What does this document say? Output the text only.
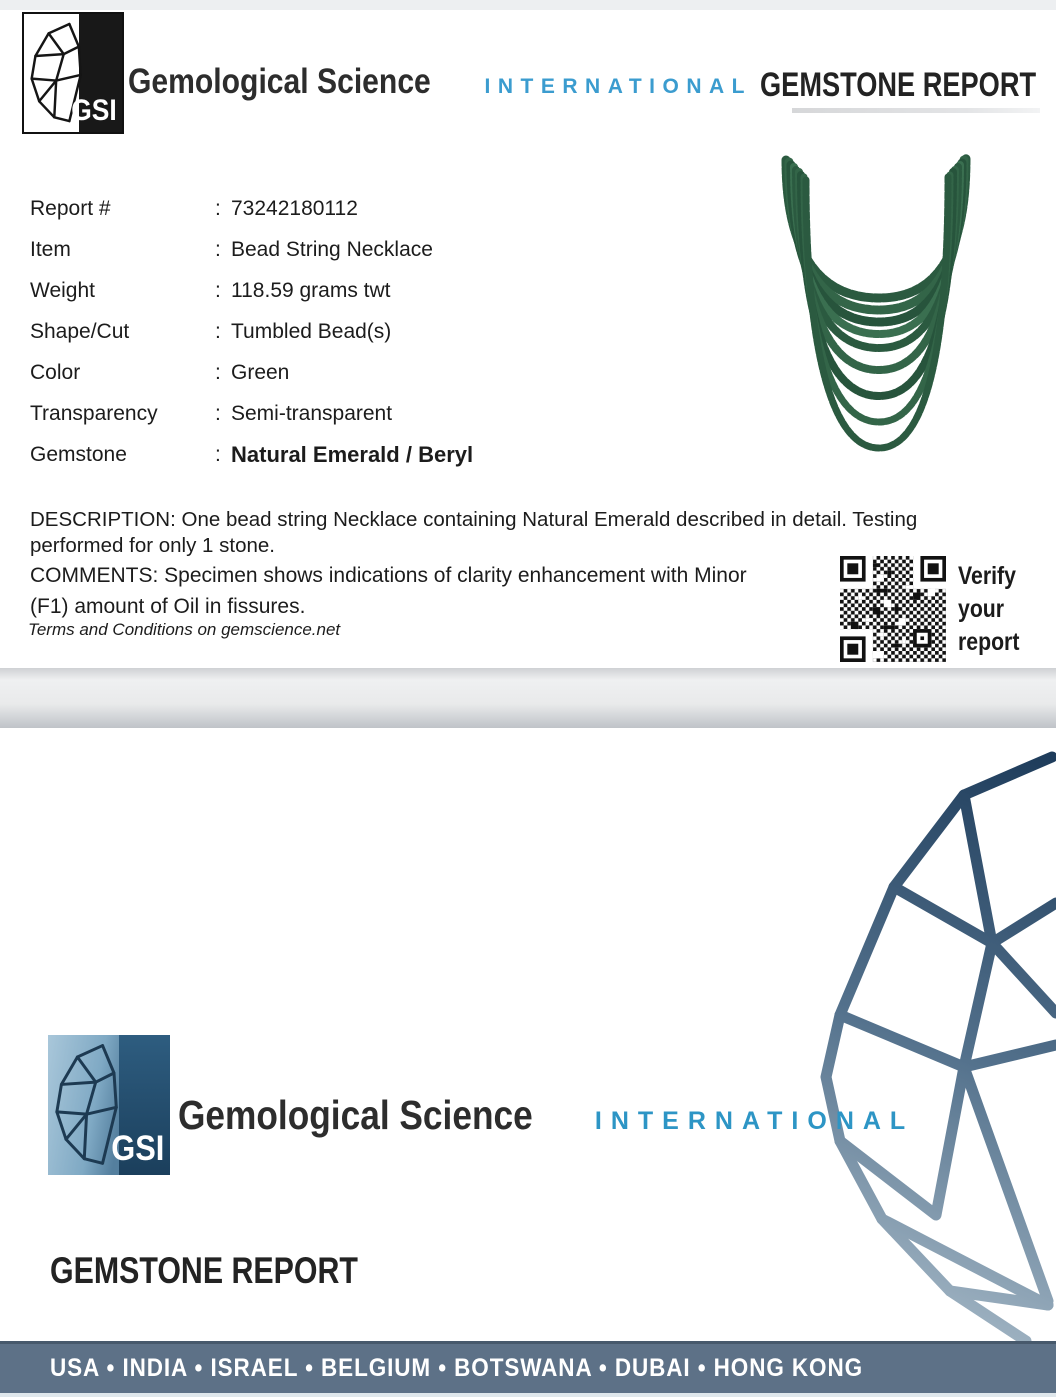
GSI
Gemological Science	INTERNATIONAL GEMSTONE REPORT
Report #	: 73242180112
Item	: Bead String Necklace
Weight	: 118.59 grams twt
Shape/Cut	: Tumbled Bead(s)
Color	: Green
Transparency	: Semi-transparent
Gemstone	: Natural Emerald / Beryl
DESCRIPTION: One bead string Necklace containing Natural Emerald described in detail. Testing performed for only 1 stone.
COMMENTS: Specimen shows indications of clarity enhancement with Minor (F1) amount of Oil in fissures.
Terms and Conditions on gemscience.net
Verify
your
report
GSI
Gemological Science INTERNATIONAL
GEMSTONE REPORT
USA • INDIA • ISRAEL • BELGIUM • BOTSWANA • DUBAI • HONG KONG
